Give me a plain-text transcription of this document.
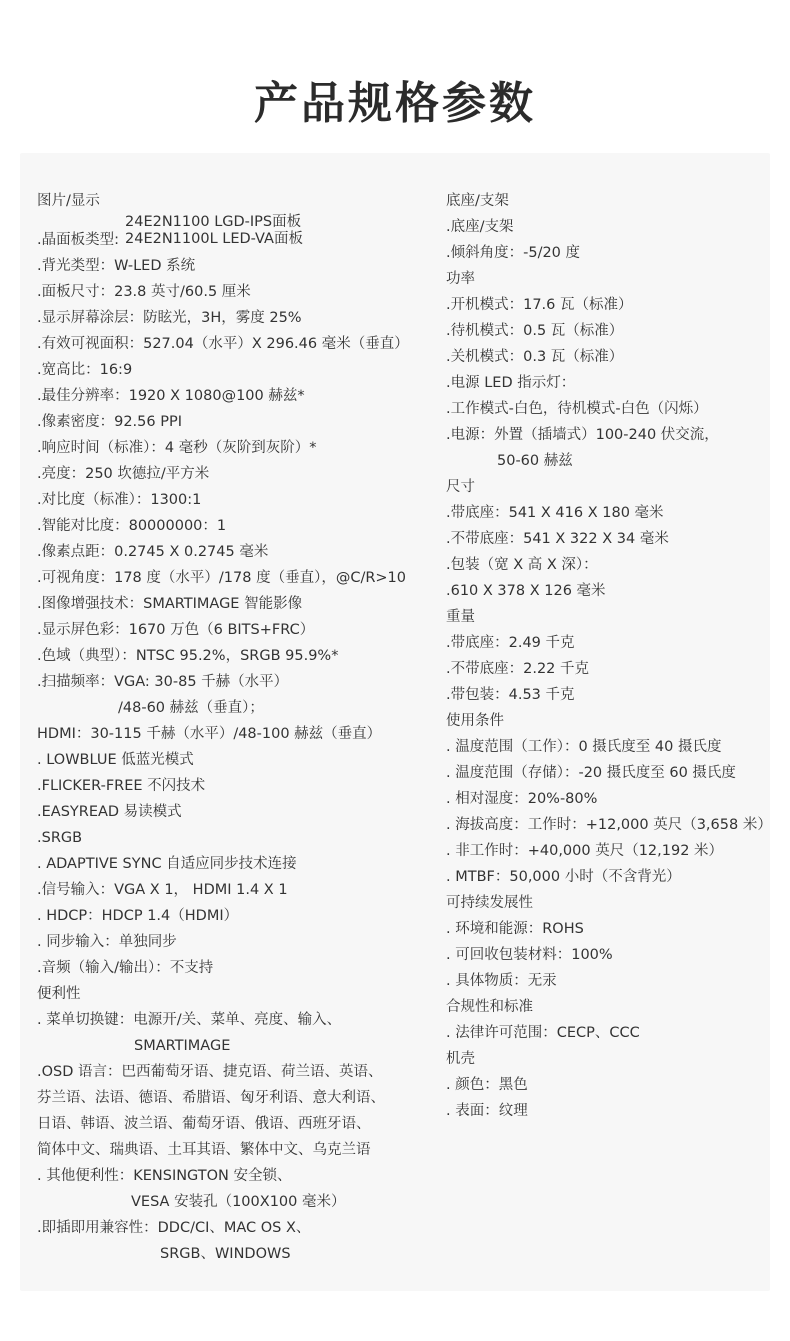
产品规格参数
图片/显示
.晶面板类型:
24E2N1100 LGD-IPS面板
24E2N1100L LED-VA面板
.背光类型：W-LED 系统
.面板尺寸：23.8 英寸/60.5 厘米
.显示屏幕涂层：防眩光，3H，雾度 25%
.有效可视面积：527.04（水平）X 296.46 毫米（垂直）
.宽高比：16:9
.最佳分辨率：1920 X 1080@100 赫兹*
.像素密度：92.56 PPI
.响应时间（标准）：4 毫秒（灰阶到灰阶）*
.亮度：250 坎德拉/平方米
.对比度（标准）：1300:1
.智能对比度：80000000：1
.像素点距：0.2745 X 0.2745 毫米
.可视角度：178 度（水平）/178 度（垂直），@C/R>10
.图像增强技术：SMARTIMAGE 智能影像
.显示屏色彩：1670 万色（6 BITS+FRC）
.色域（典型）：NTSC 95.2%，SRGB 95.9%*
.扫描频率：VGA: 30-85 千赫（水平）
/48-60 赫兹（垂直）；
HDMI：30-115 千赫（水平）/48-100 赫兹（垂直）
. LOWBLUE 低蓝光模式
.FLICKER-FREE 不闪技术
.EASYREAD 易读模式
.SRGB
. ADAPTIVE SYNC 自适应同步技术连接
.信号输入：VGA X 1， HDMI 1.4 X 1
. HDCP：HDCP 1.4（HDMI）
. 同步输入：单独同步
.音频（输入/输出）：不支持
便利性
. 菜单切换键：电源开/关、菜单、亮度、输入、
SMARTIMAGE
.OSD 语言：巴西葡萄牙语、捷克语、荷兰语、英语、
芬兰语、法语、德语、希腊语、匈牙利语、意大利语、
日语、韩语、波兰语、葡萄牙语、俄语、西班牙语、
简体中文、瑞典语、土耳其语、繁体中文、乌克兰语
. 其他便利性：KENSINGTON 安全锁、
VESA 安装孔（100X100 毫米）
.即插即用兼容性：DDC/CI、MAC OS X、
SRGB、WINDOWS
底座/支架
.底座/支架
.倾斜角度：-5/20 度
功率
.开机模式：17.6 瓦（标准）
.待机模式：0.5 瓦（标准）
.关机模式：0.3 瓦（标准）
.电源 LED 指示灯：
.工作模式-白色，待机模式-白色（闪烁）
.电源：外置（插墙式）100-240 伏交流，
50-60 赫兹
尺寸
.带底座：541 X 416 X 180 毫米
.不带底座：541 X 322 X 34 毫米
.包装（宽 X 高 X 深）：
.610 X 378 X 126 毫米
重量
.带底座：2.49 千克
.不带底座：2.22 千克
.带包装：4.53 千克
使用条件
. 温度范围（工作）：0 摄氏度至 40 摄氏度
. 温度范围（存储）：-20 摄氏度至 60 摄氏度
. 相对湿度：20%-80%
. 海拔高度：工作时：+12,000 英尺（3,658 米）
. 非工作时：+40,000 英尺（12,192 米）
. MTBF：50,000 小时（不含背光）
可持续发展性
. 环境和能源：ROHS
. 可回收包装材料：100%
. 具体物质：无汞
合规性和标准
. 法律许可范围：CECP、CCC
机壳
. 颜色：黑色
. 表面：纹理
